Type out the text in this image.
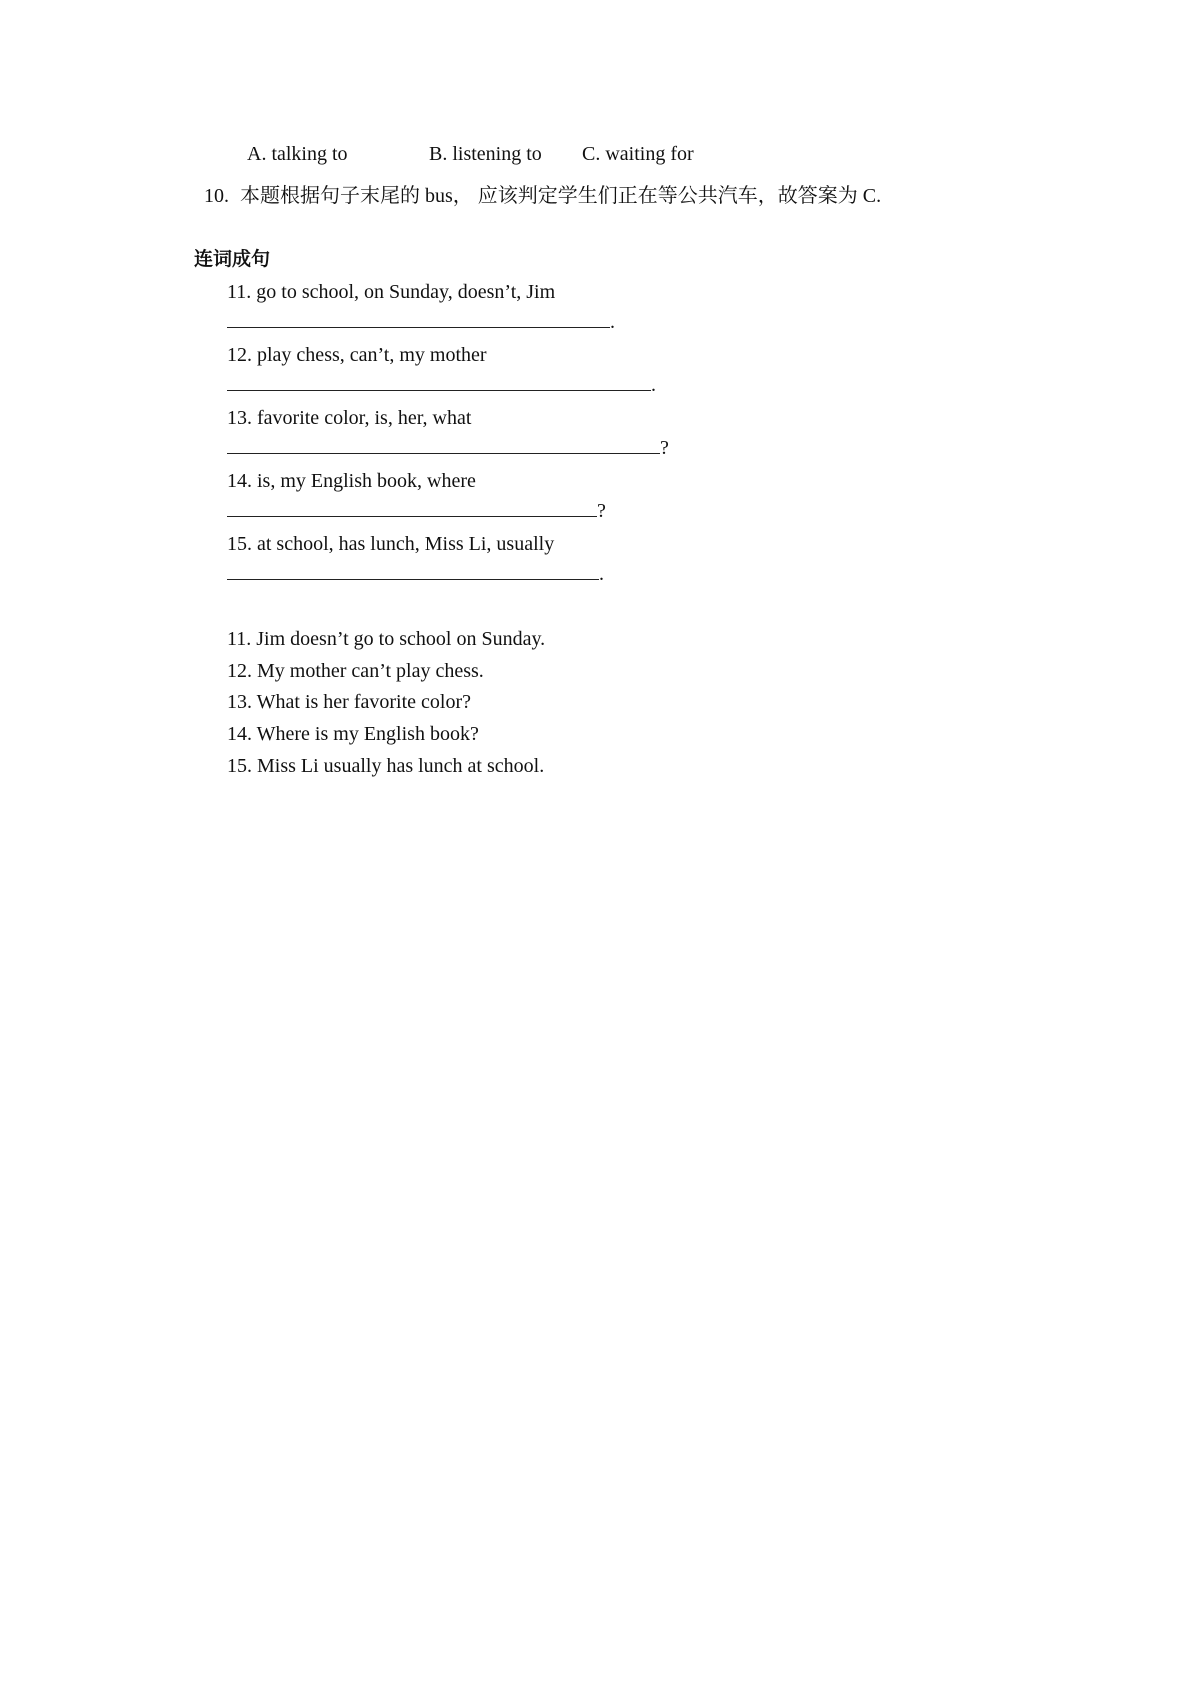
A. talking to	B. listening to C. waiting for
10. 本题根据句子末尾的 bus， 应该判定学生们正在等公共汽车，故答案为 C.
连词成句
11. go to school, on Sunday, doesn’t, Jim
.
12. play chess, can’t, my mother
.
13. favorite color, is, her, what
?
14. is, my English book, where
?
15. at school, has lunch, Miss Li, usually
.
11. Jim doesn’t go to school on Sunday.
12. My mother can’t play chess.
13. What is her favorite color?
14. Where is my English book?
15. Miss Li usually has lunch at school.
